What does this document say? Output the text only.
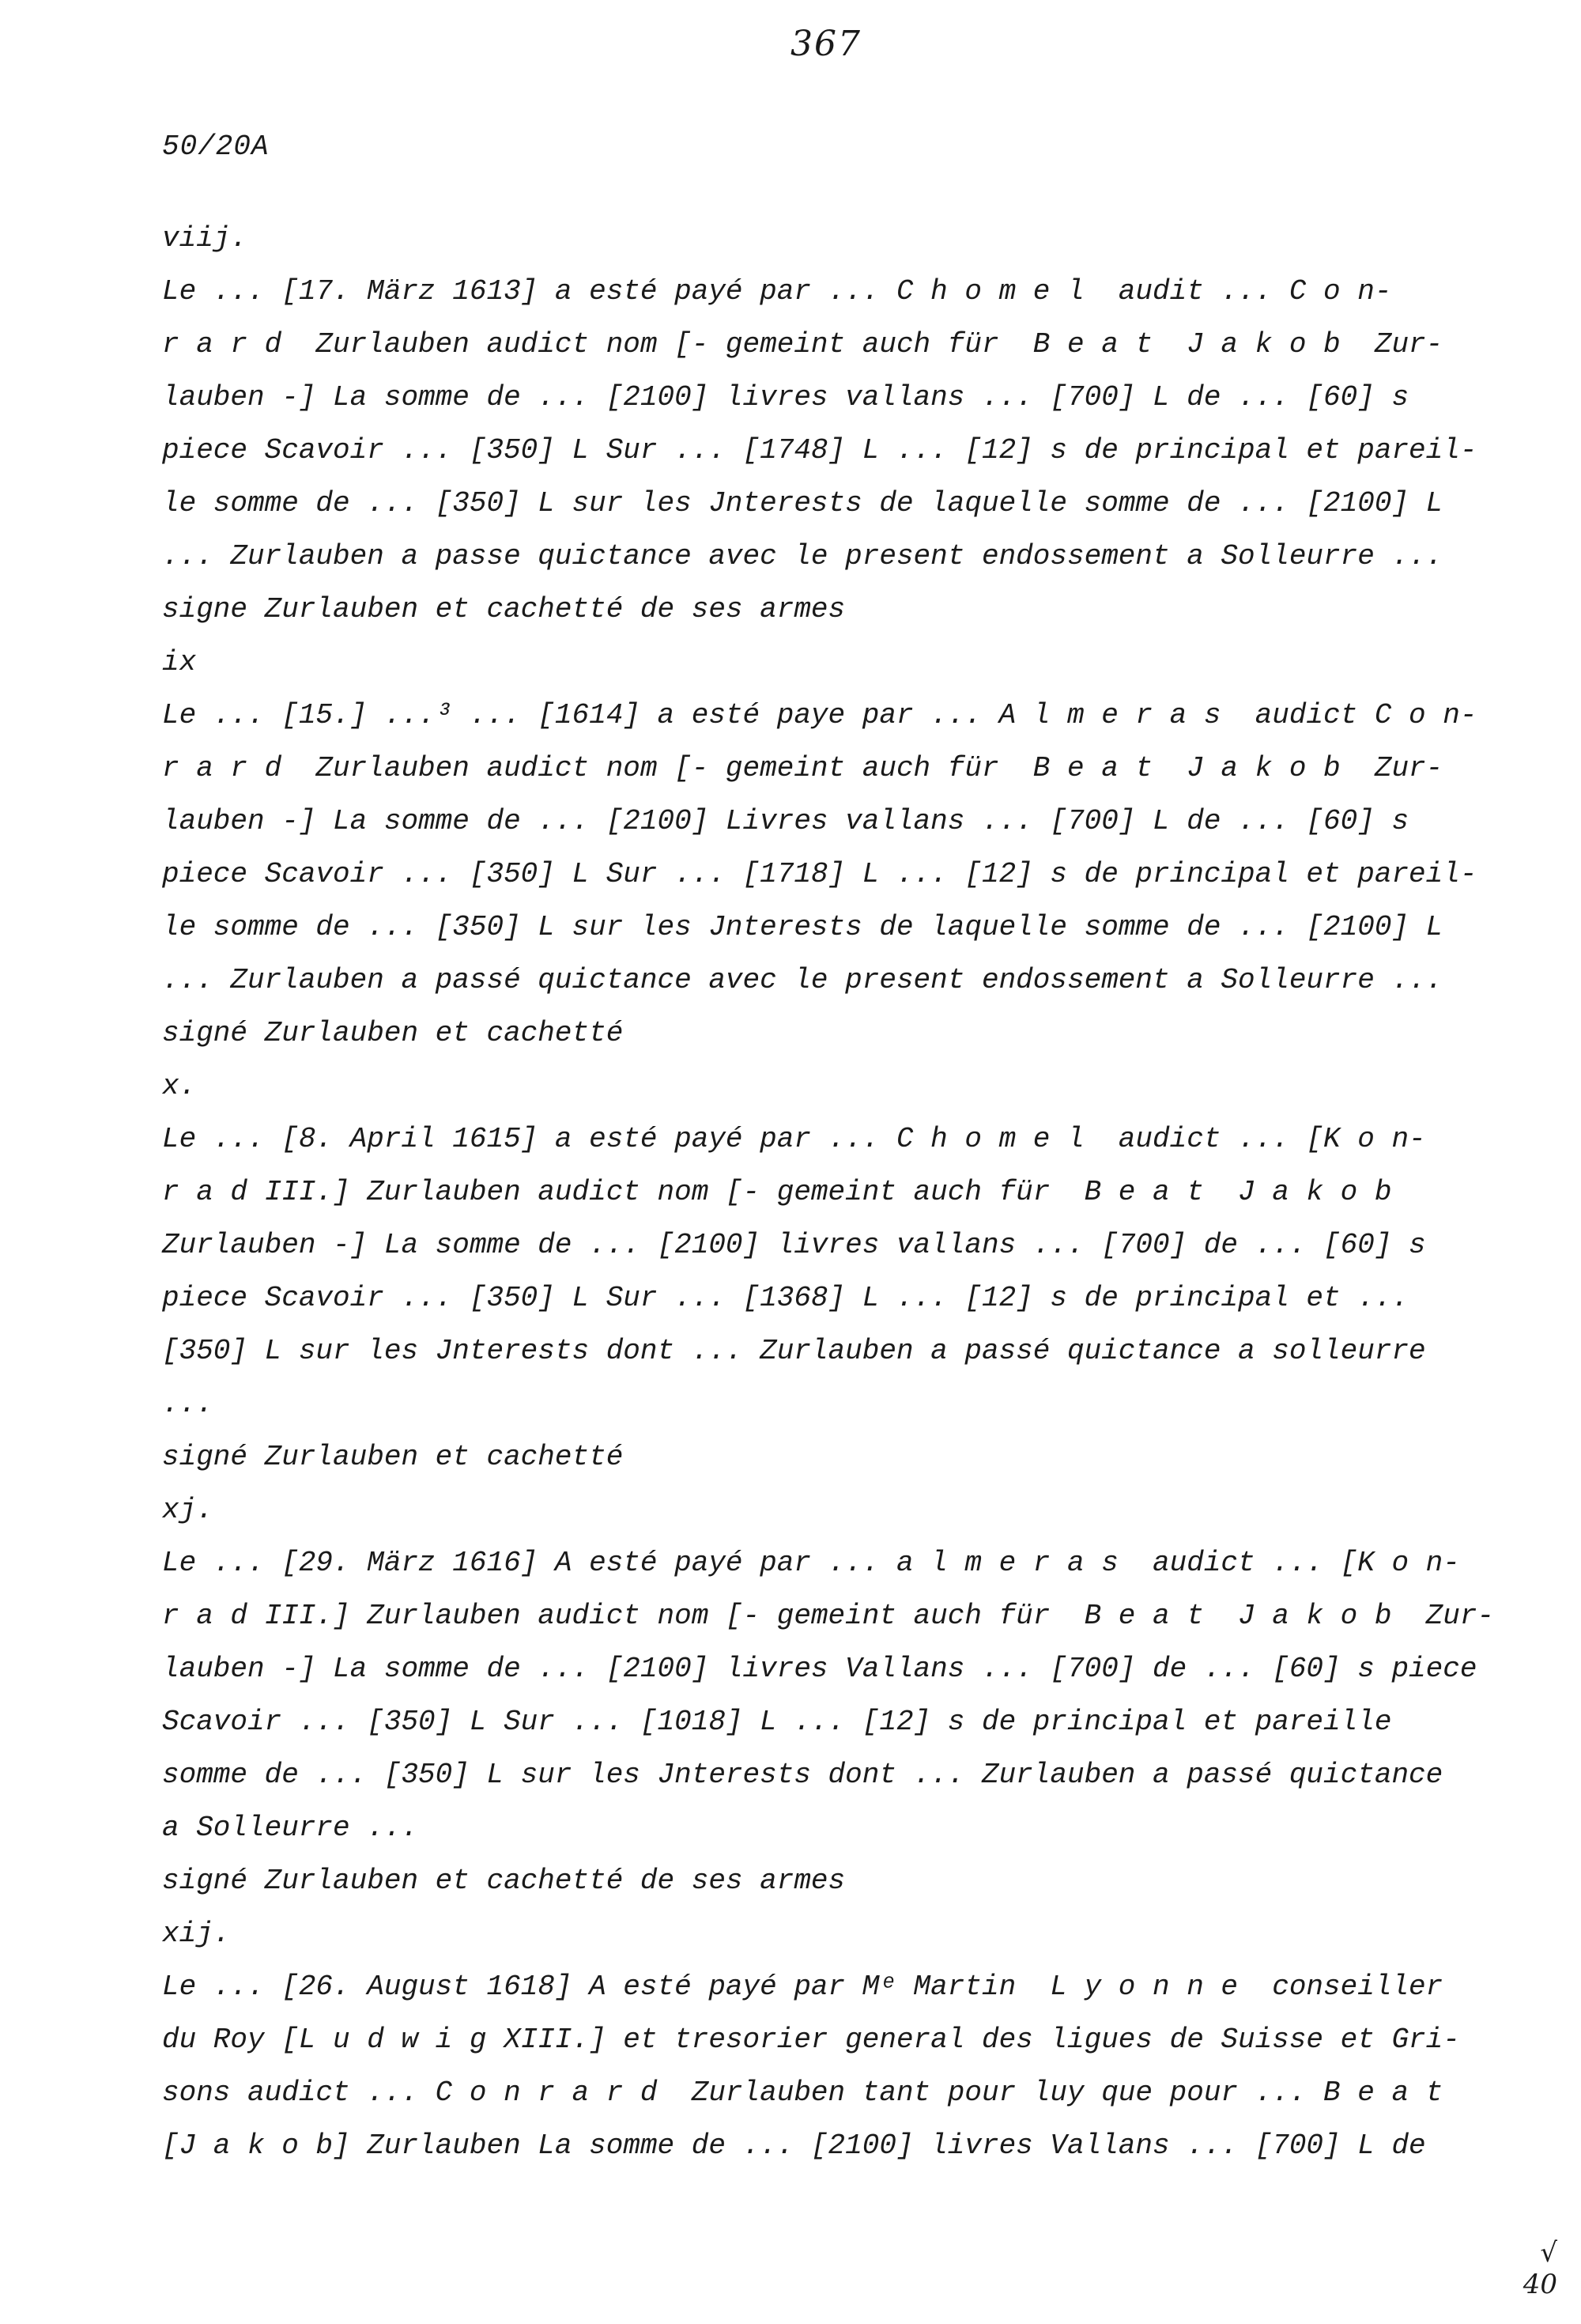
367
50/20A
viij.
Le ... [17. März 1613] a esté payé par ... C h o m e l  audit ... C o n-
r a r d  Zurlauben audict nom [- gemeint auch für  B e a t  J a k o b  Zur-
lauben -] La somme de ... [2100] livres vallans ... [700] L de ... [60] s
piece Scavoir ... [350] L Sur ... [1748] L ... [12] s de principal et pareil-
le somme de ... [350] L sur les Jnterests de laquelle somme de ... [2100] L
... Zurlauben a passe quictance avec le present endossement a Solleurre ...
signe Zurlauben et cachetté de ses armes
ix
Le ... [15.] ...³ ... [1614] a esté paye par ... A l m e r a s  audict C o n-
r a r d  Zurlauben audict nom [- gemeint auch für  B e a t  J a k o b  Zur-
lauben -] La somme de ... [2100] Livres vallans ... [700] L de ... [60] s
piece Scavoir ... [350] L Sur ... [1718] L ... [12] s de principal et pareil-
le somme de ... [350] L sur les Jnterests de laquelle somme de ... [2100] L
... Zurlauben a passé quictance avec le present endossement a Solleurre ...
signé Zurlauben et cachetté
x.
Le ... [8. April 1615] a esté payé par ... C h o m e l  audict ... [K o n-
r a d III.] Zurlauben audict nom [- gemeint auch für  B e a t  J a k o b
Zurlauben -] La somme de ... [2100] livres vallans ... [700] de ... [60] s
piece Scavoir ... [350] L Sur ... [1368] L ... [12] s de principal et ...
[350] L sur les Jnterests dont ... Zurlauben a passé quictance a solleurre
...
signé Zurlauben et cachetté
xj.
Le ... [29. März 1616] A esté payé par ... a l m e r a s  audict ... [K o n-
r a d III.] Zurlauben audict nom [- gemeint auch für  B e a t  J a k o b  Zur-
lauben -] La somme de ... [2100] livres Vallans ... [700] de ... [60] s piece
Scavoir ... [350] L Sur ... [1018] L ... [12] s de principal et pareille
somme de ... [350] L sur les Jnterests dont ... Zurlauben a passé quictance
a Solleurre ...
signé Zurlauben et cachetté de ses armes
xij.
Le ... [26. August 1618] A esté payé par Mᵉ Martin  L y o n n e  conseiller
du Roy [L u d w i g XIII.] et tresorier general des ligues de Suisse et Gri-
sons audict ... C o n r a r d  Zurlauben tant pour luy que pour ... B e a t
[J a k o b] Zurlauben La somme de ... [2100] livres Vallans ... [700] L de
√
40
